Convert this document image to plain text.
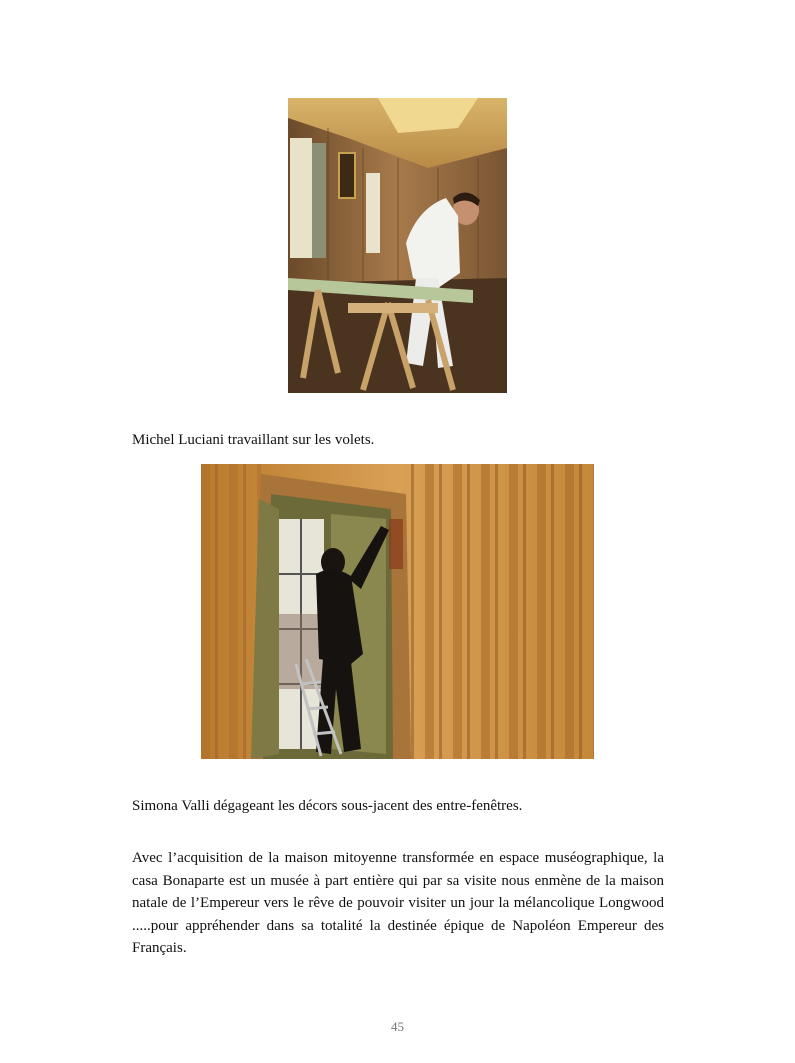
Michel Luciani travaillant sur les volets.
Simona Valli dégageant les décors sous-jacent des entre-fenêtres.

Avec l’acquisition de la maison mitoyenne transformée en espace muséographique, la casa Bonaparte est un musée à part entière qui par sa visite nous enmène de la maison natale de l’Empereur vers le rêve de pouvoir visiter un jour la mélancolique Longwood .....pour appréhender dans sa totalité la destinée épique de Napoléon Empereur des Français.

45
